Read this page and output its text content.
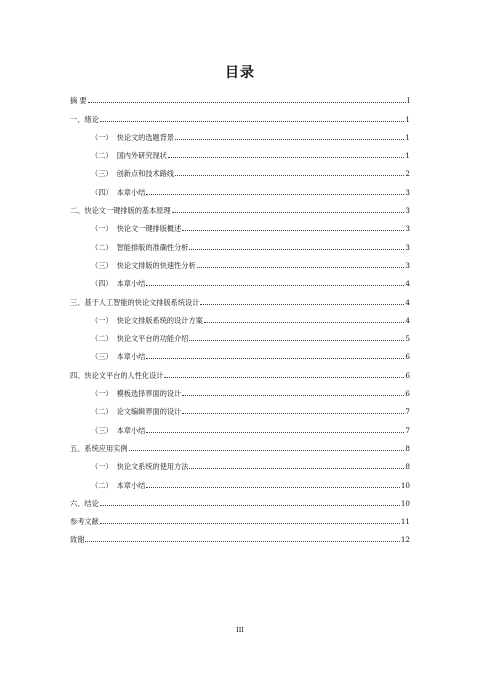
目录
摘 要	I
一、绪论	1
（一） 快论文的选题背景	1
（二） 国内外研究现状	1
（三） 创新点和技术路线	2
（四） 本章小结	3
二、快论文一键排版的基本原理	3
（一） 快论文一键排版概述	3
（二） 智能排版的准确性分析	3
（三） 快论文排版的快速性分析	3
（四） 本章小结	4
三、基于人工智能的快论文排版系统设计	4
（一） 快论文排版系统的设计方案	4
（二） 快论文平台的功能介绍	5
（三） 本章小结	6
四、快论文平台的人性化设计	6
（一） 模板选择界面的设计	6
（二） 论文编辑界面的设计	7
（三） 本章小结	7
五、系统应用实例	8
（一） 快论文系统的使用方法	8
（二） 本章小结	10
六、结论	10
参考文献	11
致谢	12
III
